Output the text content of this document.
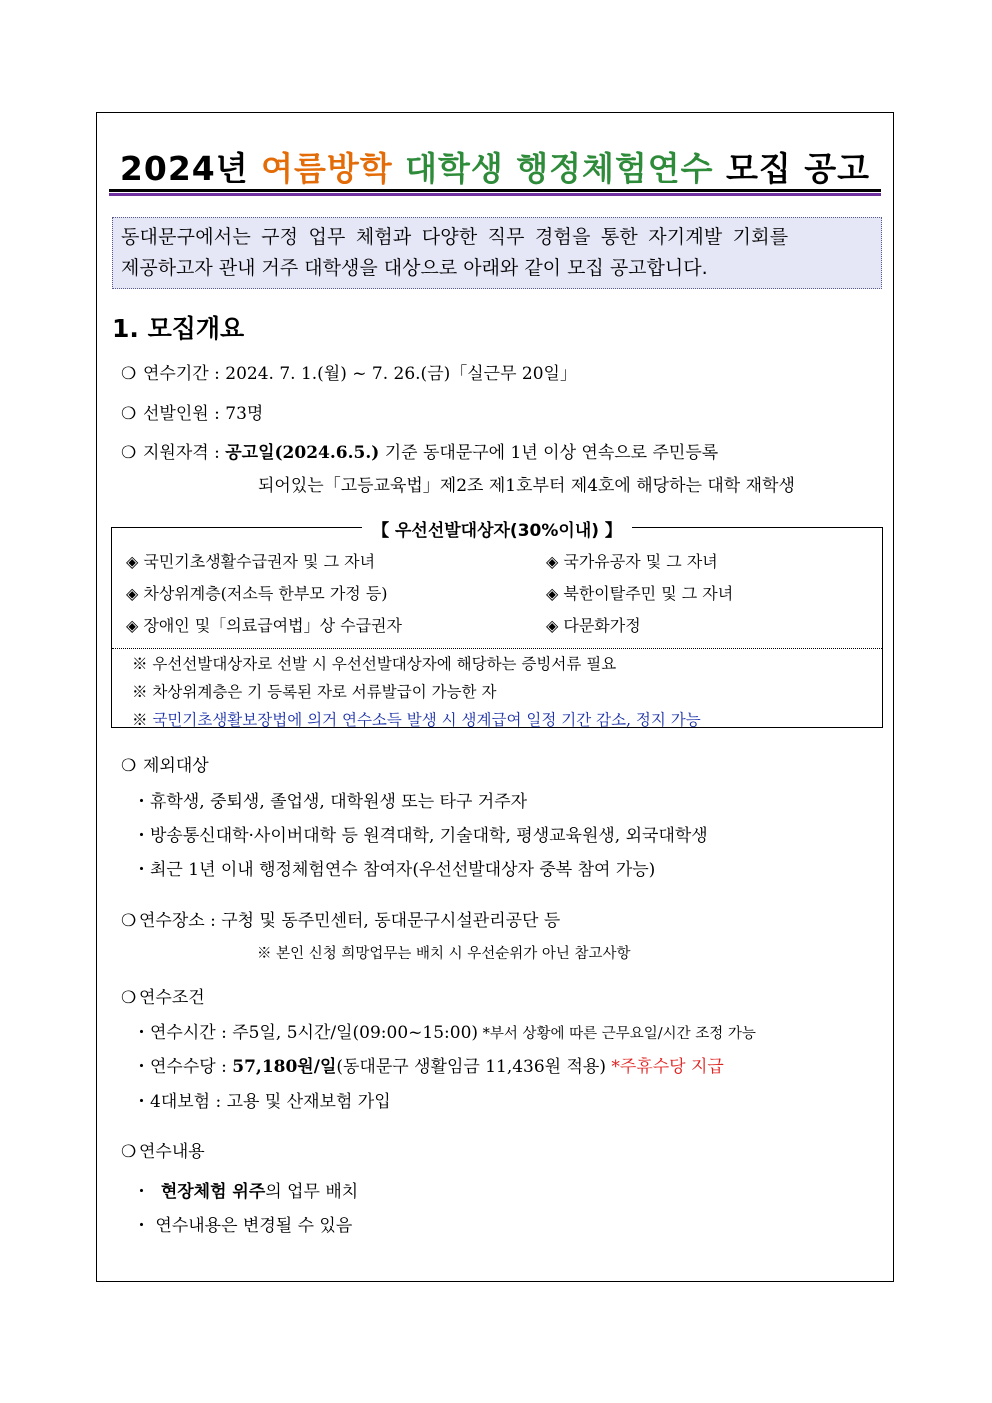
2024년 여름방학 대학생 행정체험연수 모집 공고
동대문구에서는 구정 업무 체험과 다양한 직무 경험을 통한 자기계발 기회를
제공하고자 관내 거주 대학생을 대상으로 아래와 같이 모집 공고합니다.
1. 모집개요
❍ 연수기간 : 2024. 7. 1.(월) ~ 7. 26.(금)「실근무 20일」
❍ 선발인원 : 73명
❍ 지원자격 : 공고일(2024.6.5.) 기준 동대문구에 1년 이상 연속으로 주민등록
되어있는「고등교육법」제2조 제1호부터 제4호에 해당하는 대학 재학생
【 우선선발대상자(30%이내) 】
◈ 국민기초생활수급권자 및 그 자녀	◈ 국가유공자 및 그 자녀
◈ 차상위계층(저소득 한부모 가정 등)	◈ 북한이탈주민 및 그 자녀
◈ 장애인 및「의료급여법」상 수급권자	◈ 다문화가정
※ 우선선발대상자로 선발 시 우선선발대상자에 해당하는 증빙서류 필요
※ 차상위계층은 기 등록된 자로 서류발급이 가능한 자
※ 국민기초생활보장법에 의거 연수소득 발생 시 생계급여 일정 기간 감소, 정지 가능
❍ 제외대상
・휴학생, 중퇴생, 졸업생, 대학원생 또는 타구 거주자
・방송통신대학·사이버대학 등 원격대학, 기술대학, 평생교육원생, 외국대학생
・최근 1년 이내 행정체험연수 참여자(우선선발대상자 중복 참여 가능)
❍ 연수장소 : 구청 및 동주민센터, 동대문구시설관리공단 등
※ 본인 신청 희망업무는 배치 시 우선순위가 아닌 참고사항
❍ 연수조건
・연수시간 : 주5일, 5시간/일(09:00~15:00) *부서 상황에 따른 근무요일/시간 조정 가능
・연수수당 : 57,180원/일(동대문구 생활임금 11,436원 적용) *주휴수당 지급
・4대보험 : 고용 및 산재보험 가입
❍ 연수내용
・ 현장체험 위주의 업무 배치
・ 연수내용은 변경될 수 있음
